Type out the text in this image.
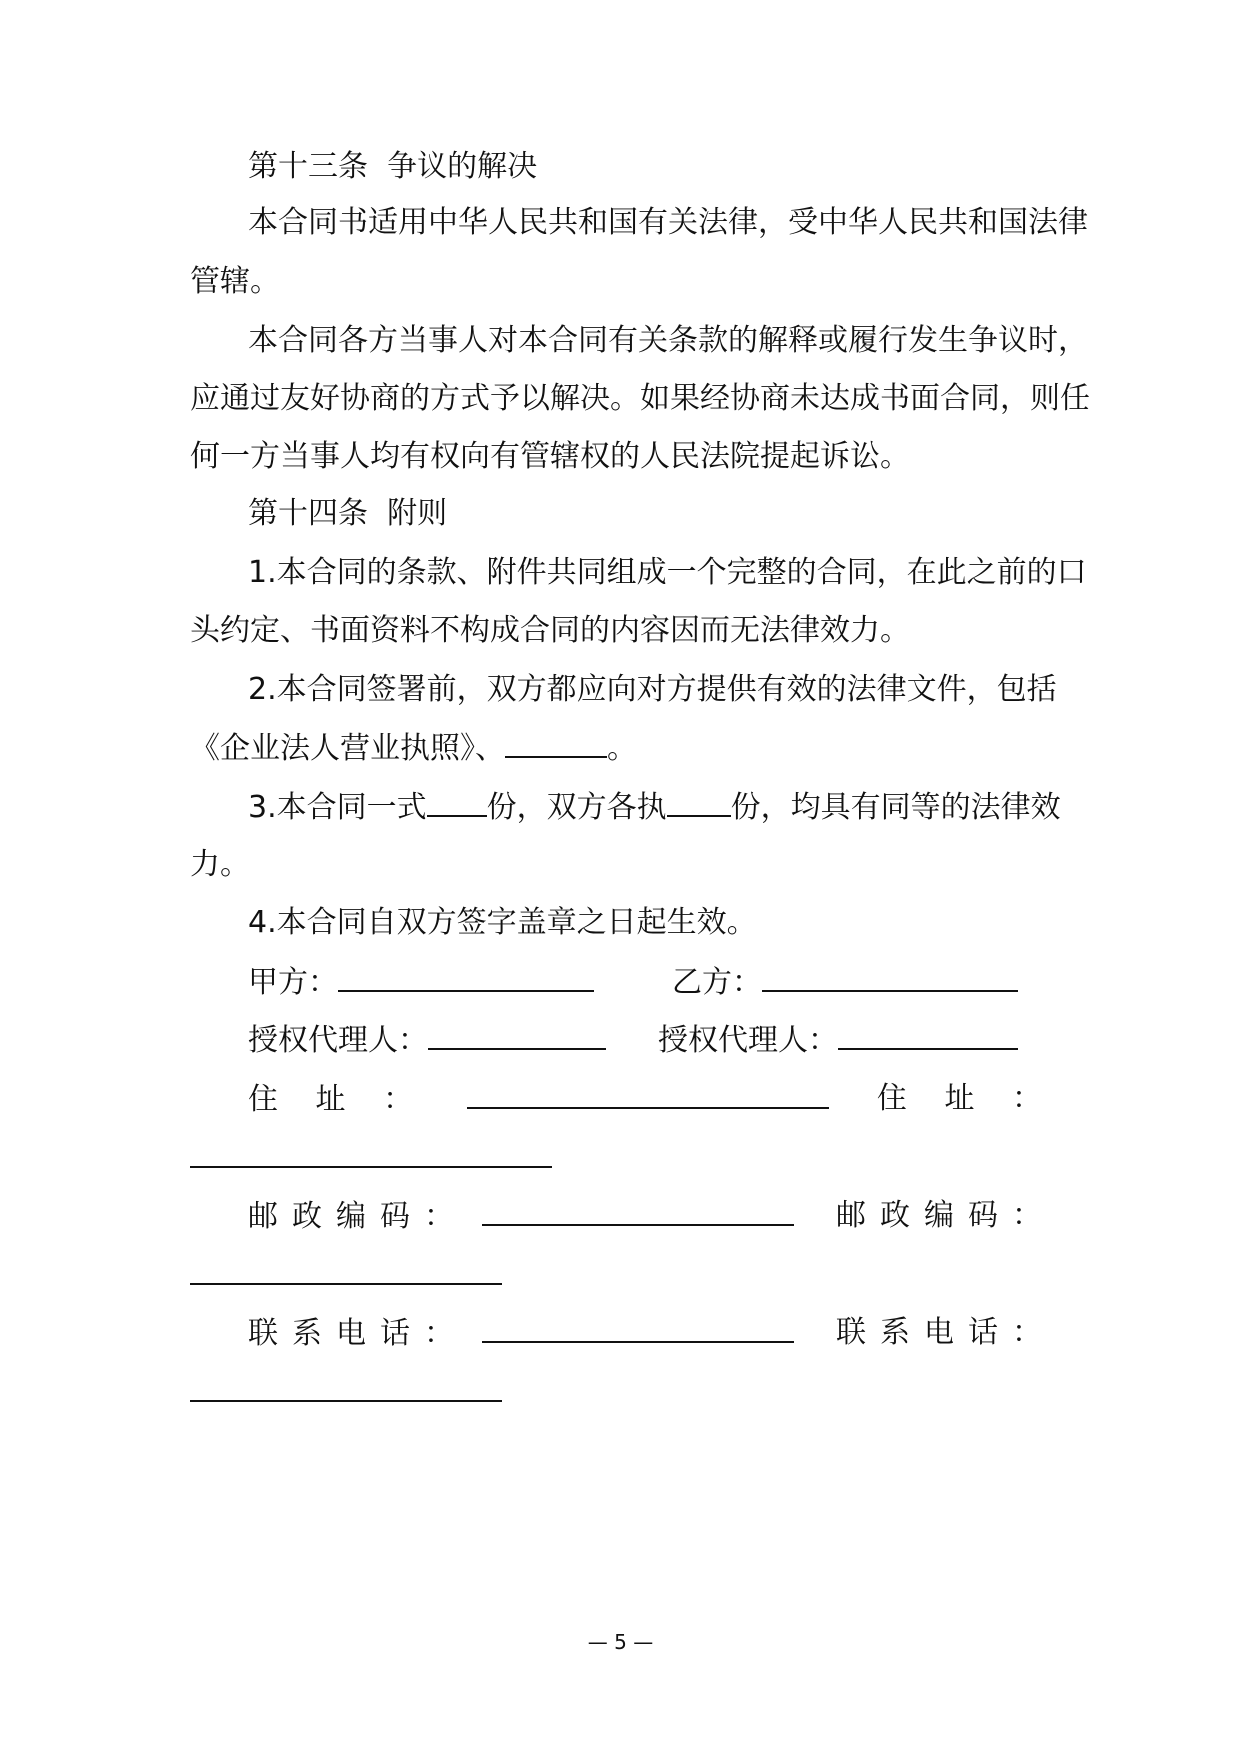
第十三条  争议的解决
本合同书适用中华人民共和国有关法律，受中华人民共和国法律
管辖。
本合同各方当事人对本合同有关条款的解释或履行发生争议时，
应通过友好协商的方式予以解决。如果经协商未达成书面合同，则任
何一方当事人均有权向有管辖权的人民法院提起诉讼。
第十四条  附则
1.本合同的条款、附件共同组成一个完整的合同，在此之前的口
头约定、书面资料不构成合同的内容因而无法律效力。
2.本合同签署前，双方都应向对方提供有效的法律文件，包括
《企业法人营业执照》、	。
3.本合同一式 份，双方各执 份，均具有同等的法律效
力。
4.本合同自双方签字盖章之日起生效。
甲方：	乙方：
授权代理人：	授权代理人：
住 址 ：	住 址 ：
邮政编码：	邮政编码：
联系电话：	联系电话：
— 5 —
